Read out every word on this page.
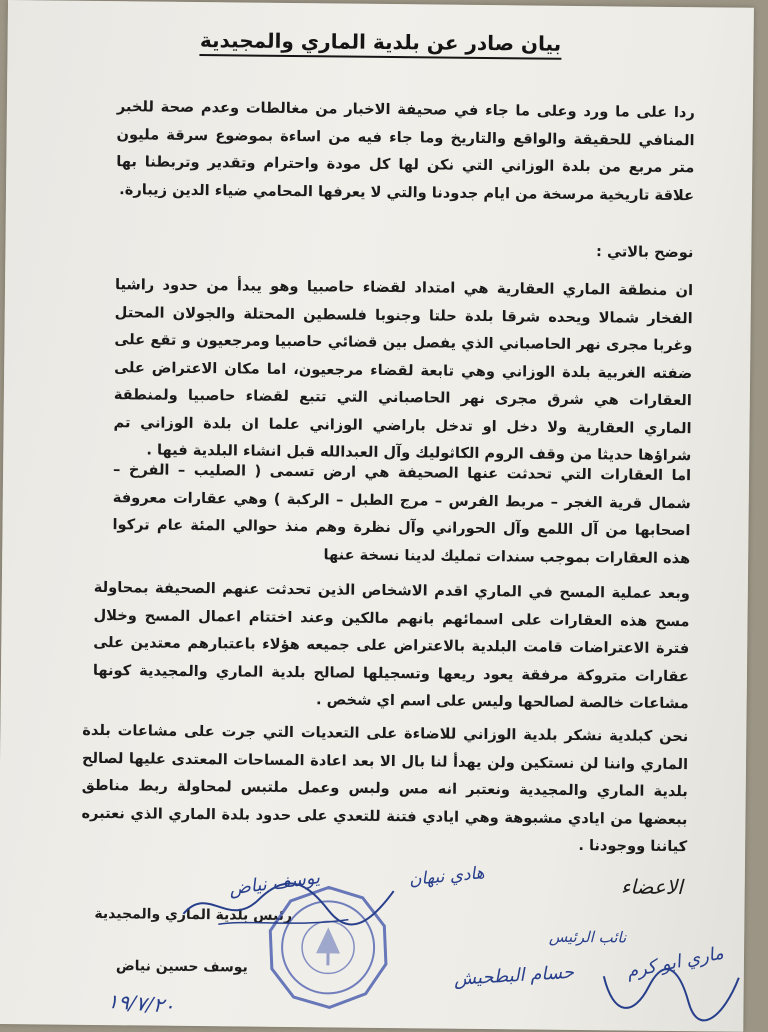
بيان صادر عن بلدية الماري والمجيدية
ردا على ما ورد وعلى ما جاء في صحيفة الاخبار من مغالطات وعدم صحة للخبر المنافي للحقيقة والواقع والتاريخ وما جاء فيه من اساءة بموضوع سرقة مليون متر مربع من بلدة الوزاني التي نكن لها كل مودة واحترام وتقدير وتربطنا بها علاقة تاريخية مرسخة من ايام جدودنا والتي لا يعرفها المحامي ضياء الدين زيبارة.
نوضح بالاتي :
ان منطقة الماري العقارية هي امتداد لقضاء حاصبيا وهو يبدأ من حدود راشيا الفخار شمالا ويحده شرقا بلدة حلتا وجنوبا فلسطين المحتلة والجولان المحتل وغربا مجرى نهر الحاصباني الذي يفصل بين قضائي حاصبيا ومرجعيون و تقع على ضفته الغربية بلدة الوزاني وهي تابعة لقضاء مرجعيون، اما مكان الاعتراض على العقارات هي شرق مجرى نهر الحاصباني التي تتبع لقضاء حاصبيا ولمنطقة الماري العقارية ولا دخل او تدخل باراضي الوزاني علما ان بلدة الوزاني تم شراؤها حديثا من وقف الروم الكاثوليك وآل العبدالله قبل انشاء البلدية فيها .
اما العقارات التي تحدثت عنها الصحيفة هي ارض تسمى ( الصليب – الفرخ – شمال قرية الغجر – مربط الفرس – مرج الطبل – الركبة ) وهي عقارات معروفة اصحابها من آل اللمع وآل الحوراني وآل نظرة وهم منذ حوالي المئة عام تركوا هذه العقارات بموجب سندات تمليك لدينا نسخة عنها
وبعد عملية المسح في الماري اقدم الاشخاص الذين تحدثت عنهم الصحيفة بمحاولة مسح هذه العقارات على اسمائهم بانهم مالكين وعند اختتام اعمال المسح وخلال فترة الاعتراضات قامت البلدية بالاعتراض على جميعه هؤلاء باعتبارهم معتدين على عقارات متروكة مرفقة يعود ريعها وتسجيلها لصالح بلدية الماري والمجيدية كونها مشاعات خالصة لصالحها وليس على اسم اي شخص .
نحن كبلدية نشكر بلدية الوزاني للاضاءة على التعديات التي جرت على مشاعات بلدة الماري واننا لن نستكين ولن يهدأ لنا بال الا بعد اعادة المساحات المعتدى عليها لصالح بلدية الماري والمجيدية ونعتبر انه مس ولبس وعمل ملتبس لمحاولة ربط مناطق ببعضها من ايادي مشبوهة وهي ايادي فتنة للتعدي على حدود بلدة الماري الذي نعتبره كياننا ووجودنا .
رئيس بلدية الماري والمجيدية
يوسف حسين نياض
الاعضاء
نائب الرئيس
يوسف نياض	هادي نبهان
ماري ابو كرم
حسام البطحيش
١٩/٧/٢٠
